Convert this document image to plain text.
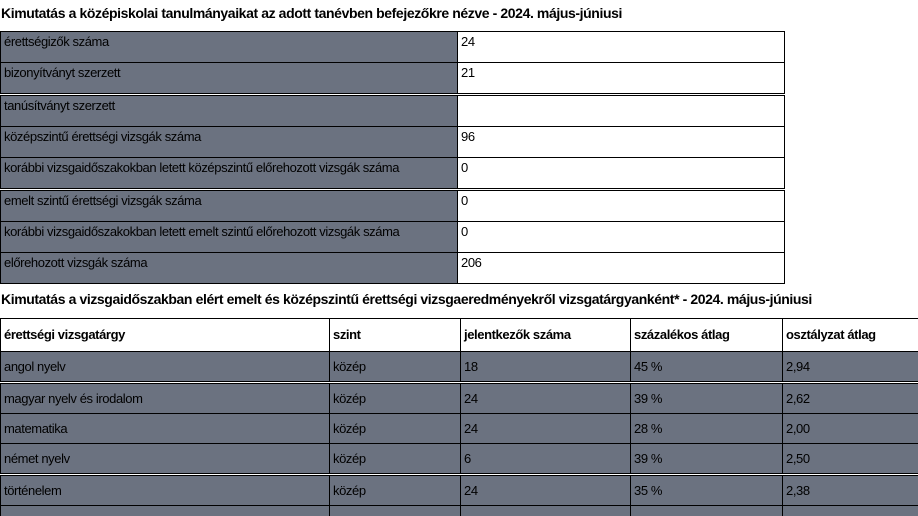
Kimutatás a középiskolai tanulmányaikat az adott tanévben befejezőkre nézve - 2024. május-júniusi
érettségizők száma	24
bizonyítványt szerzett	21
tanúsítványt szerzett
középszintű érettségi vizsgák száma	96
korábbi vizsgaidőszakokban letett középszintű előrehozott vizsgák száma	0
emelt szintű érettségi vizsgák száma	0
korábbi vizsgaidőszakokban letett emelt szintű előrehozott vizsgák száma	0
előrehozott vizsgák száma	206
Kimutatás a vizsgaidőszakban elért emelt és középszintű érettségi vizsgaeredményekről vizsgatárgyanként* - 2024. május-júniusi
érettségi vizsgatárgy	szint	jelentkezők száma	százalékos átlag	osztályzat átlag
angol nyelv	közép	18	45 %	2,94
magyar nyelv és irodalom	közép	24	39 %	2,62
matematika	közép	24	28 %	2,00
német nyelv	közép	6	39 %	2,50
történelem	közép	24	35 %	2,38
